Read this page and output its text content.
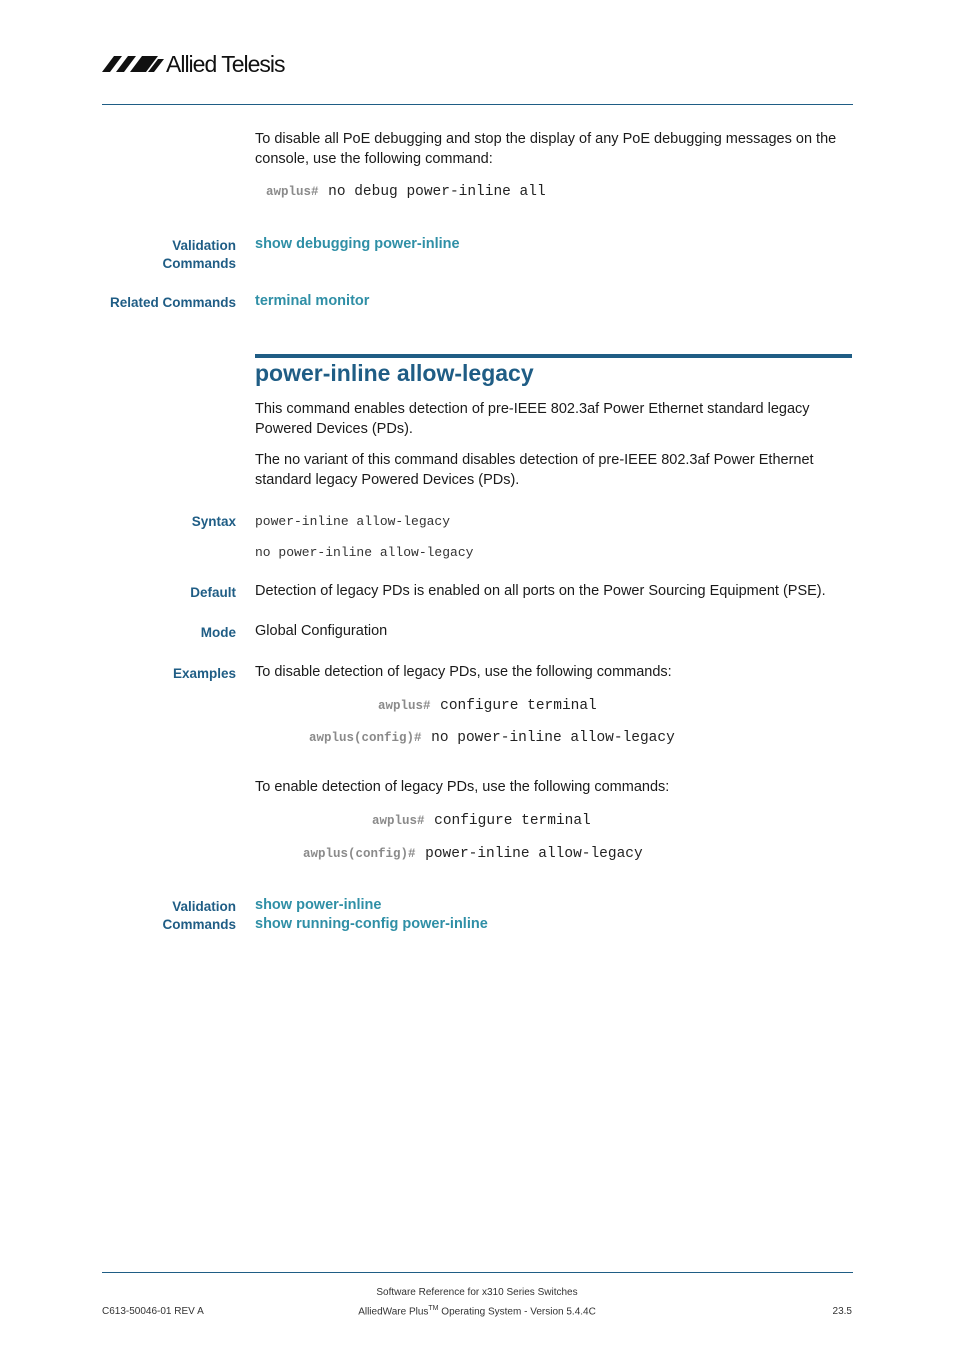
Allied Telesis
To disable all PoE debugging and stop the display of any PoE debugging messages on the console, use the following command:
awplus# no debug power-inline all
Validation Commands
show debugging power-inline
Related Commands terminal monitor
power-inline allow-legacy
This command enables detection of pre-IEEE 802.3af Power Ethernet standard legacy Powered Devices (PDs).
The no variant of this command disables detection of pre-IEEE 802.3af Power Ethernet standard legacy Powered Devices (PDs).
Syntax power-inline allow-legacy
no power-inline allow-legacy
Default Detection of legacy PDs is enabled on all ports on the Power Sourcing Equipment (PSE).
Mode Global Configuration
Examples To disable detection of legacy PDs, use the following commands:
awplus# configure terminal
awplus(config)# no power-inline allow-legacy
To enable detection of legacy PDs, use the following commands:
awplus# configure terminal
awplus(config)# power-inline allow-legacy
Validation Commands
show power-inline
show running-config power-inline
Software Reference for x310 Series Switches
AlliedWare Plus™ Operating System - Version 5.4.4C
C613-50046-01 REV A	23.5
